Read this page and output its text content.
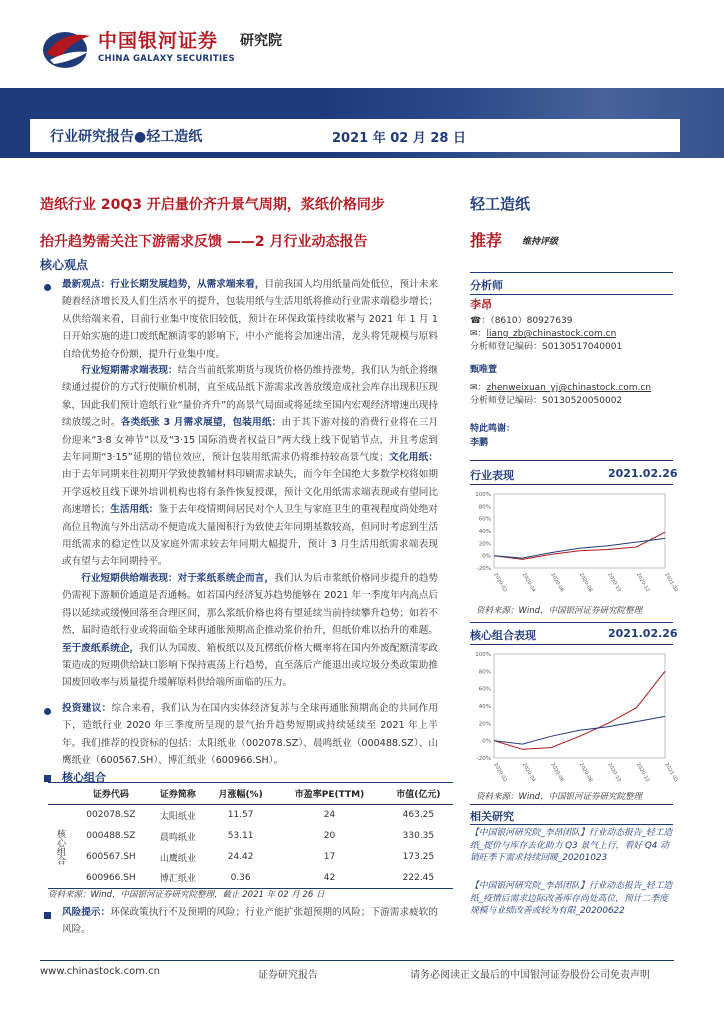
中国银河证券
CHINA GALAXY SECURITIES
研究院
行业研究报告●轻工造纸	2021 年 02 月 28 日
造纸行业 20Q3 开启量价齐升景气周期，浆纸价格同步
抬升趋势需关注下游需求反馈 ——2 月行业动态报告
核心观点
最新观点：行业长期发展趋势，从需求端来看，目前我国人均用纸量尚处低位，预计未来随着经济增长及人们生活水平的提升，包装用纸与生活用纸将推动行业需求端稳步增长；从供给端来看，目前行业集中度依旧较低，预计在环保政策持续收紧与 2021 年 1 月 1 日开始实施的进口废纸配额清零的影响下，中小产能将会加速出清，龙头将凭规模与原料自给优势抢夺份额，提升行业集中度。
行业短期需求端表现：结合当前纸浆期货与现货价格仍维持涨势，我们认为纸企将继续通过提价的方式行使顺价机制，直至成品纸下游需求改善放缓造成社会库存出现积压现象，因此我们预计造纸行业“量价齐升”的高景气局面或将延续至国内宏观经济增速出现持续放缓之时。各类纸张 3 月需求展望，包装用纸：由于其下游对接的消费行业将在三月份迎来“3·8 女神节”以及“3·15 国际消费者权益日”两大线上线下促销节点，并且考虑到去年同期“3·15”延期的错位效应，预计包装用纸需求仍将维持较高景气度；文化用纸：由于去年同期来往初期开学致使教辅材料印刷需求缺失，而今年全国绝大多数学校将如期开学返校且线下课外培训机构也将有条件恢复授课，预计文化用纸需求端表现或有望同比高速增长；生活用纸：鉴于去年疫情期间居民对个人卫生与家庭卫生的重视程度尚处绝对高位且物流与外出活动不便造成大量囤积行为致使去年同期基数较高，但同时考虑到生活用纸需求的稳定性以及家庭外需求较去年同期大幅提升，预计 3 月生活用纸需求端表现或有望与去年同期持平。
行业短期供给端表现：对于浆纸系统企而言，我们认为后市浆纸价格同步提升的趋势仍需视下游顺价通道是否通畅。如若国内经济复苏趋势能够在 2021 年一季度年内高点后得以延续或缓慢回落至合理区间，那么浆纸价格也将有望延续当前持续攀升趋势；如若不然，届时造纸行业或将面临全球再通胀预期高企推动浆价抬升，但纸价难以抬升的难题。至于废纸系统企，我们认为国废、箱板纸以及瓦楞纸价格大概率将在国内外废配额清零政策造成的短期供给缺口影响下保持震荡上行趋势，直至落后产能退出或垃圾分类政策助推国废回收率与质量提升缓解原料供给端所面临的压力。
投资建议：综合来看，我们认为在国内实体经济复苏与全球再通胀预期高企的共同作用下，造纸行业 2020 年三季度所呈现的景气抬升趋势短期或持续延续至 2021 年上半年。我们推荐的投资标的包括：太阳纸业（002078.SZ）、晨鸣纸业（000488.SZ）、山鹰纸业（600567.SH）、博汇纸业（600966.SH）。
核心组合
	证券代码	证券简称	月涨幅(%)	市盈率PE(TTM)	市值(亿元)
核心组合	002078.SZ	太阳纸业	11.57	24	463.25
	000488.SZ	晨鸣纸业	53.11	20	330.35
	600567.SH	山鹰纸业	24.42	17	173.25
	600966.SH	博汇纸业	0.36	42	222.45
资料来源：Wind，中国银河证券研究院整理，截止 2021 年 02 月 26 日
风险提示：环保政策执行不及预期的风险；行业产能扩张超预期的风险；下游需求疲软的风险。
轻工造纸
推荐 维持评级
分析师
李昂
☎：（8610）80927639
✉：liang_zb@chinastock.com.cn
分析师登记编码：S0130517040001
甄唯萱
✉：zhenweixuan_yj@chinastock.com.cn
分析师登记编码：S0130520050002
特此鸣谢：
李鹏
行业表现	2021.02.26
-20%
0%
20%
40%
60%
80%
100%
2020-02	2020-04	2020-06	2020-08	2020-10	2020-12	2021-02
资料来源：Wind，中国银河证券研究院整理
核心组合表现	2021.02.26
-20%
0%
20%
40%
60%
80%
100%
2020-02	2020-04	2020-06	2020-08	2020-10	2020-12	2021-02
资料来源：Wind，中国银河证券研究院整理
相关研究
【中国银河研究院_李昂团队】行业动态报告_轻工造纸_提价与库存去化助力 Q3 景气上行，看好 Q4 动销旺季下需求持续回暖_20201023
【中国银河研究院_李昂团队】行业动态报告_轻工造纸_疫情后需求边际改善库存尚处高位，预计二季度规模与业绩改善或较为有限_20200622
www.chinastock.com.cn	证券研究报告	请务必阅读正文最后的中国银河证券股份公司免责声明
